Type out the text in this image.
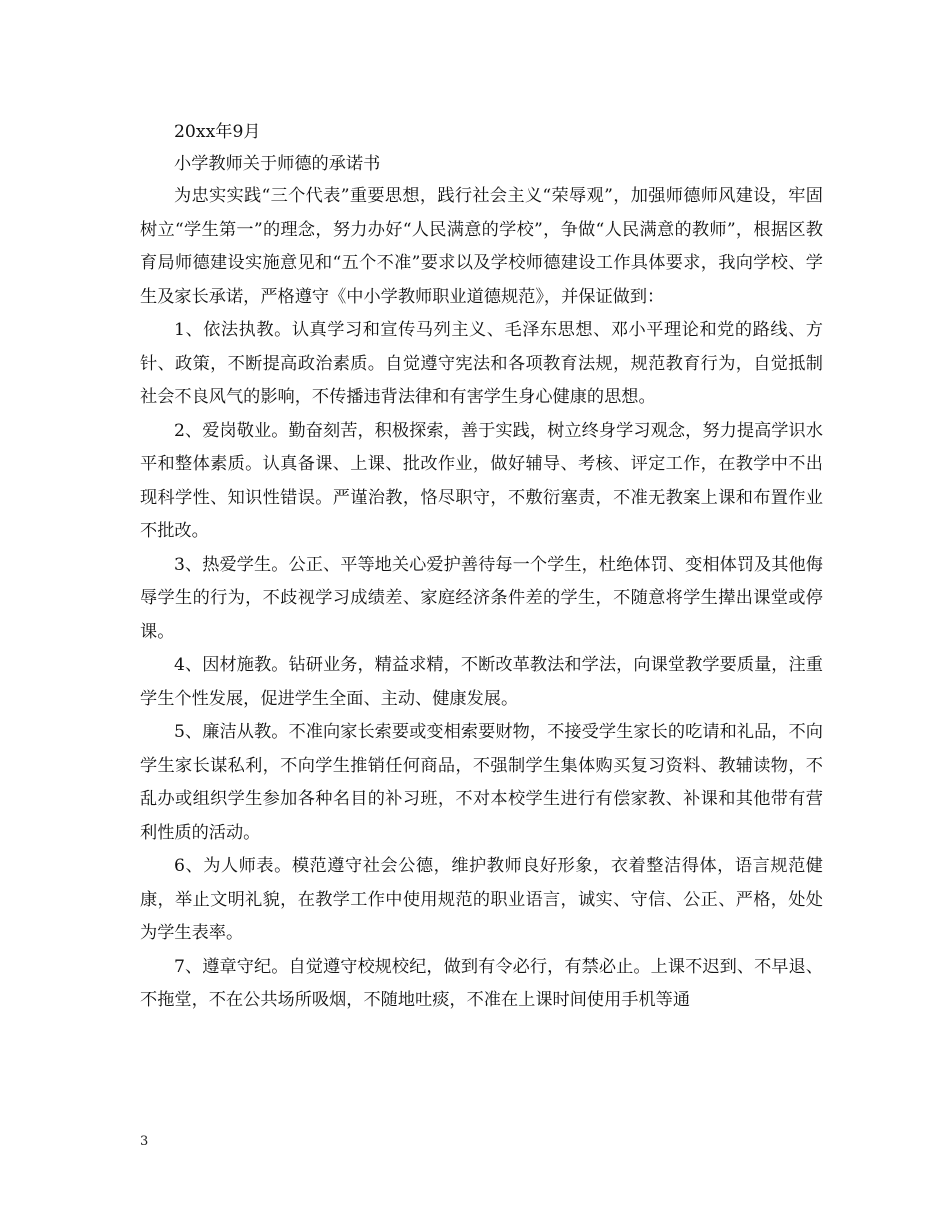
20xx年9月

小学教师关于师德的承诺书

为忠实实践“三个代表”重要思想，践行社会主义“荣辱观”，加强师德师风建设，牢固树立“学生第一”的理念，努力办好“人民满意的学校”，争做“人民满意的教师”，根据区教育局师德建设实施意见和“五个不准”要求以及学校师德建设工作具体要求，我向学校、学生及家长承诺，严格遵守《中小学教师职业道德规范》，并保证做到：

1、依法执教。认真学习和宣传马列主义、毛泽东思想、邓小平理论和党的路线、方针、政策，不断提高政治素质。自觉遵守宪法和各项教育法规，规范教育行为，自觉抵制社会不良风气的影响，不传播违背法律和有害学生身心健康的思想。

2、爱岗敬业。勤奋刻苦，积极探索，善于实践，树立终身学习观念，努力提高学识水平和整体素质。认真备课、上课、批改作业，做好辅导、考核、评定工作，在教学中不出现科学性、知识性错误。严谨治教，恪尽职守，不敷衍塞责，不准无教案上课和布置作业不批改。

3、热爱学生。公正、平等地关心爱护善待每一个学生，杜绝体罚、变相体罚及其他侮辱学生的行为，不歧视学习成绩差、家庭经济条件差的学生，不随意将学生撵出课堂或停课。

4、因材施教。钻研业务，精益求精，不断改革教法和学法，向课堂教学要质量，注重学生个性发展，促进学生全面、主动、健康发展。

5、廉洁从教。不准向家长索要或变相索要财物，不接受学生家长的吃请和礼品，不向学生家长谋私利，不向学生推销任何商品，不强制学生集体购买复习资料、教辅读物，不乱办或组织学生参加各种名目的补习班，不对本校学生进行有偿家教、补课和其他带有营利性质的活动。

6、为人师表。模范遵守社会公德，维护教师良好形象，衣着整洁得体，语言规范健康，举止文明礼貌，在教学工作中使用规范的职业语言，诚实、守信、公正、严格，处处为学生表率。

7、遵章守纪。自觉遵守校规校纪，做到有令必行，有禁必止。上课不迟到、不早退、不拖堂，不在公共场所吸烟，不随地吐痰，不准在上课时间使用手机等通

3
